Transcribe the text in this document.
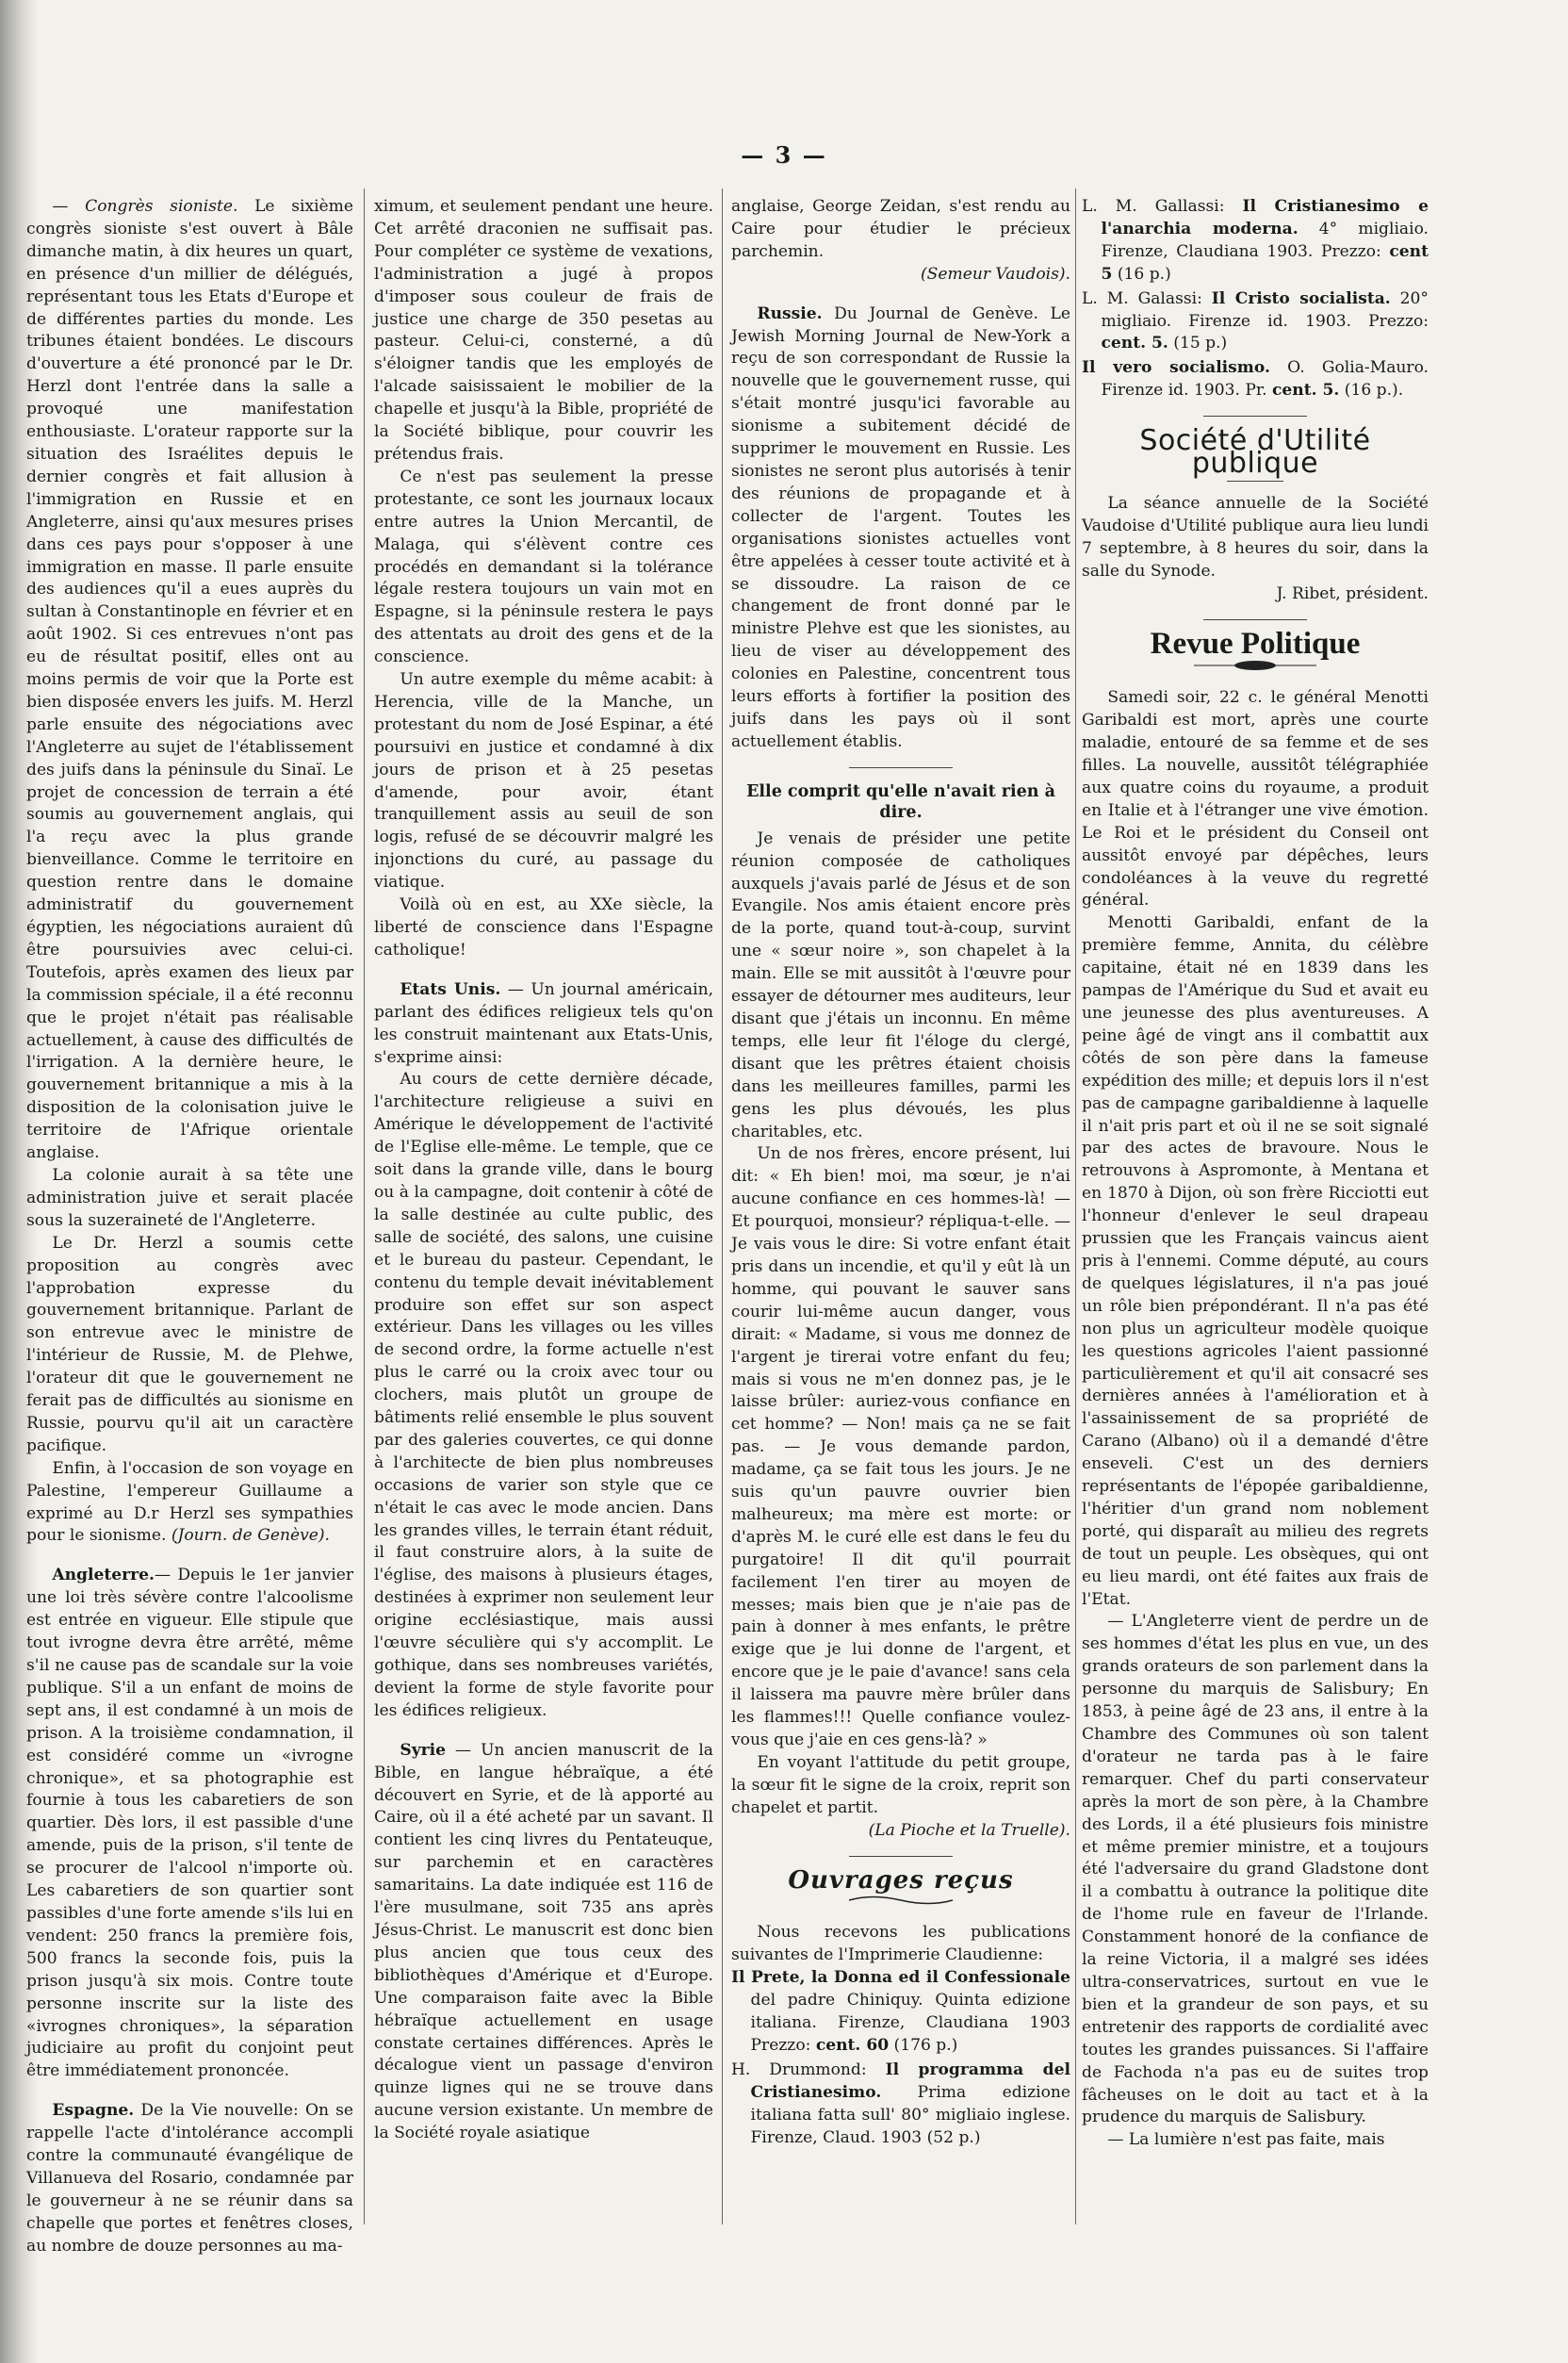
— 3 —

— Congrès sioniste. Le sixième congrès sioniste s'est ouvert à Bâle dimanche matin, à dix heures un quart, en présence d'un millier de délégués, représentant tous les Etats d'Europe et de différentes parties du monde. Les tribunes étaient bondées. Le discours d'ouverture a été prononcé par le Dr. Herzl dont l'entrée dans la salle a provoqué une manifestation enthousiaste. L'orateur rapporte sur la situation des Israélites depuis le dernier congrès et fait allusion à l'immigration en Russie et en Angleterre, ainsi qu'aux mesures prises dans ces pays pour s'opposer à une immigration en masse. Il parle ensuite des audiences qu'il a eues auprès du sultan à Constantinople en février et en août 1902. Si ces entrevues n'ont pas eu de résultat positif, elles ont au moins permis de voir que la Porte est bien disposée envers les juifs. M. Herzl parle ensuite des négociations avec l'Angleterre au sujet de l'établissement des juifs dans la péninsule du Sinaï. Le projet de concession de terrain a été soumis au gouvernement anglais, qui l'a reçu avec la plus grande bienveillance. Comme le territoire en question rentre dans le domaine administratif du gouvernement égyptien, les négociations auraient dû être poursuivies avec celui-ci. Toutefois, après examen des lieux par la commission spéciale, il a été reconnu que le projet n'était pas réalisable actuellement, à cause des difficultés de l'irrigation. A la dernière heure, le gouvernement britannique a mis à la disposition de la colonisation juive le territoire de l'Afrique orientale anglaise.

La colonie aurait à sa tête une administration juive et serait placée sous la suzeraineté de l'Angleterre.

Le Dr. Herzl a soumis cette proposition au congrès avec l'approbation expresse du gouvernement britannique. Parlant de son entrevue avec le ministre de l'intérieur de Russie, M. de Plehwe, l'orateur dit que le gouvernement ne ferait pas de difficultés au sionisme en Russie, pourvu qu'il ait un caractère pacifique.

Enfin, à l'occasion de son voyage en Palestine, l'empereur Guillaume a exprimé au D.r Herzl ses sympathies pour le sionisme. (Journ. de Genève).

Angleterre.— Depuis le 1er janvier une loi très sévère contre l'alcoolisme est entrée en vigueur. Elle stipule que tout ivrogne devra être arrêté, même s'il ne cause pas de scandale sur la voie publique. S'il a un enfant de moins de sept ans, il est condamné à un mois de prison. A la troisième condamnation, il est considéré comme un «ivrogne chronique», et sa photographie est fournie à tous les cabaretiers de son quartier. Dès lors, il est passible d'une amende, puis de la prison, s'il tente de se procurer de l'alcool n'importe où. Les cabaretiers de son quartier sont passibles d'une forte amende s'ils lui en vendent: 250 francs la première fois, 500 francs la seconde fois, puis la prison jusqu'à six mois. Contre toute personne inscrite sur la liste des «ivrognes chroniques», la séparation judiciaire au profit du conjoint peut être immédiatement prononcée.

Espagne. De la Vie nouvelle: On se rappelle l'acte d'intolérance accompli contre la communauté évangélique de Villanueva del Rosario, condamnée par le gouverneur à ne se réunir dans sa chapelle que portes et fenêtres closes, au nombre de douze personnes au ma-

ximum, et seulement pendant une heure. Cet arrêté draconien ne suffisait pas. Pour compléter ce système de vexations, l'administration a jugé à propos d'imposer sous couleur de frais de justice une charge de 350 pesetas au pasteur. Celui-ci, consterné, a dû s'éloigner tandis que les employés de l'alcade saisissaient le mobilier de la chapelle et jusqu'à la Bible, propriété de la Société biblique, pour couvrir les prétendus frais.

Ce n'est pas seulement la presse protestante, ce sont les journaux locaux entre autres la Union Mercantil, de Malaga, qui s'élèvent contre ces procédés en demandant si la tolérance légale restera toujours un vain mot en Espagne, si la péninsule restera le pays des attentats au droit des gens et de la conscience.

Un autre exemple du même acabit: à Herencia, ville de la Manche, un protestant du nom de José Espinar, a été poursuivi en justice et condamné à dix jours de prison et à 25 pesetas d'amende, pour avoir, étant tranquillement assis au seuil de son logis, refusé de se découvrir malgré les injonctions du curé, au passage du viatique.

Voilà où en est, au XXe siècle, la liberté de conscience dans l'Espagne catholique!

Etats Unis. — Un journal américain, parlant des édifices religieux tels qu'on les construit maintenant aux Etats-Unis, s'exprime ainsi:

Au cours de cette dernière décade, l'architecture religieuse a suivi en Amérique le développement de l'activité de l'Eglise elle-même. Le temple, que ce soit dans la grande ville, dans le bourg ou à la campagne, doit contenir à côté de la salle destinée au culte public, des salle de société, des salons, une cuisine et le bureau du pasteur. Cependant, le contenu du temple devait inévitablement produire son effet sur son aspect extérieur. Dans les villages ou les villes de second ordre, la forme actuelle n'est plus le carré ou la croix avec tour ou clochers, mais plutôt un groupe de bâtiments relié ensemble le plus souvent par des galeries couvertes, ce qui donne à l'architecte de bien plus nombreuses occasions de varier son style que ce n'était le cas avec le mode ancien. Dans les grandes villes, le terrain étant réduit, il faut construire alors, à la suite de l'église, des maisons à plusieurs étages, destinées à exprimer non seulement leur origine ecclésiastique, mais aussi l'œuvre séculière qui s'y accomplit. Le gothique, dans ses nombreuses variétés, devient la forme de style favorite pour les édifices religieux.

Syrie — Un ancien manuscrit de la Bible, en langue hébraïque, a été découvert en Syrie, et de là apporté au Caire, où il a été acheté par un savant. Il contient les cinq livres du Pentateuque, sur parchemin et en caractères samaritains. La date indiquée est 116 de l'ère musulmane, soit 735 ans après Jésus-Christ. Le manuscrit est donc bien plus ancien que tous ceux des bibliothèques d'Amérique et d'Europe. Une comparaison faite avec la Bible hébraïque actuellement en usage constate certaines différences. Après le décalogue vient un passage d'environ quinze lignes qui ne se trouve dans aucune version existante. Un membre de la Société royale asiatique

anglaise, George Zeidan, s'est rendu au Caire pour étudier le précieux parchemin.

(Semeur Vaudois).

Russie. Du Journal de Genève. Le Jewish Morning Journal de New-York a reçu de son correspondant de Russie la nouvelle que le gouvernement russe, qui s'était montré jusqu'ici favorable au sionisme a subitement décidé de supprimer le mouvement en Russie. Les sionistes ne seront plus autorisés à tenir des réunions de propagande et à collecter de l'argent. Toutes les organisations sionistes actuelles vont être appelées à cesser toute activité et à se dissoudre. La raison de ce changement de front donné par le ministre Plehve est que les sionistes, au lieu de viser au développement des colonies en Palestine, concentrent tous leurs efforts à fortifier la position des juifs dans les pays où il sont actuellement établis.

Elle comprit qu'elle n'avait rien à dire.

Je venais de présider une petite réunion composée de catholiques auxquels j'avais parlé de Jésus et de son Evangile. Nos amis étaient encore près de la porte, quand tout-à-coup, survint une « sœur noire », son chapelet à la main. Elle se mit aussitôt à l'œuvre pour essayer de détourner mes auditeurs, leur disant que j'étais un inconnu. En même temps, elle leur fit l'éloge du clergé, disant que les prêtres étaient choisis dans les meilleures familles, parmi les gens les plus dévoués, les plus charitables, etc.

Un de nos frères, encore présent, lui dit: « Eh bien! moi, ma sœur, je n'ai aucune confiance en ces hommes-là! — Et pourquoi, monsieur? répliqua-t-elle. — Je vais vous le dire: Si votre enfant était pris dans un incendie, et qu'il y eût là un homme, qui pouvant le sauver sans courir lui-même aucun danger, vous dirait: « Madame, si vous me donnez de l'argent je tirerai votre enfant du feu; mais si vous ne m'en donnez pas, je le laisse brûler: auriez-vous confiance en cet homme? — Non! mais ça ne se fait pas. — Je vous demande pardon, madame, ça se fait tous les jours. Je ne suis qu'un pauvre ouvrier bien malheureux; ma mère est morte: or d'après M. le curé elle est dans le feu du purgatoire! Il dit qu'il pourrait facilement l'en tirer au moyen de messes; mais bien que je n'aie pas de pain à donner à mes enfants, le prêtre exige que je lui donne de l'argent, et encore que je le paie d'avance! sans cela il laissera ma pauvre mère brûler dans les flammes!!! Quelle confiance voulez-vous que j'aie en ces gens-là? »

En voyant l'attitude du petit groupe, la sœur fit le signe de la croix, reprit son chapelet et partit.

(La Pioche et la Truelle).

Ouvrages reçus

Nous recevons les publications suivantes de l'Imprimerie Claudienne:

Il Prete, la Donna ed il Confessionale del padre Chiniquy. Quinta edizione italiana. Firenze, Claudiana 1903 Prezzo: cent. 60 (176 p.)

H. Drummond: Il programma del Cristianesimo. Prima edizione italiana fatta sull' 80° migliaio inglese. Firenze, Claud. 1903 (52 p.)

L. M. Gallassi: Il Cristianesimo e l'anarchia moderna. 4° migliaio. Firenze, Claudiana 1903. Prezzo: cent 5 (16 p.)

L. M. Galassi: Il Cristo socialista. 20° migliaio. Firenze id. 1903. Prezzo: cent. 5. (15 p.)

Il vero socialismo. O. Golia-Mauro. Firenze id. 1903. Pr. cent. 5. (16 p.).

Société d'Utilité publique

La séance annuelle de la Société Vaudoise d'Utilité publique aura lieu lundi 7 septembre, à 8 heures du soir, dans la salle du Synode.

J. Ribet, président.

Revue Politique

Samedi soir, 22 c. le général Menotti Garibaldi est mort, après une courte maladie, entouré de sa femme et de ses filles. La nouvelle, aussitôt télégraphiée aux quatre coins du royaume, a produit en Italie et à l'étranger une vive émotion. Le Roi et le président du Conseil ont aussitôt envoyé par dépêches, leurs condoléances à la veuve du regretté général.

Menotti Garibaldi, enfant de la première femme, Annita, du célèbre capitaine, était né en 1839 dans les pampas de l'Amérique du Sud et avait eu une jeunesse des plus aventureuses. A peine âgé de vingt ans il combattit aux côtés de son père dans la fameuse expédition des mille; et depuis lors il n'est pas de campagne garibaldienne à laquelle il n'ait pris part et où il ne se soit signalé par des actes de bravoure. Nous le retrouvons à Aspromonte, à Mentana et en 1870 à Dijon, où son frère Ricciotti eut l'honneur d'enlever le seul drapeau prussien que les Français vaincus aient pris à l'ennemi. Comme député, au cours de quelques législatures, il n'a pas joué un rôle bien prépondérant. Il n'a pas été non plus un agriculteur modèle quoique les questions agricoles l'aient passionné particulièrement et qu'il ait consacré ses dernières années à l'amélioration et à l'assainissement de sa propriété de Carano (Albano) où il a demandé d'être enseveli. C'est un des derniers représentants de l'épopée garibaldienne, l'héritier d'un grand nom noblement porté, qui disparaît au milieu des regrets de tout un peuple. Les obsèques, qui ont eu lieu mardi, ont été faites aux frais de l'Etat.

— L'Angleterre vient de perdre un de ses hommes d'état les plus en vue, un des grands orateurs de son parlement dans la personne du marquis de Salisbury; En 1853, à peine âgé de 23 ans, il entre à la Chambre des Communes où son talent d'orateur ne tarda pas à le faire remarquer. Chef du parti conservateur après la mort de son père, à la Chambre des Lords, il a été plusieurs fois ministre et même premier ministre, et a toujours été l'adversaire du grand Gladstone dont il a combattu à outrance la politique dite de l'home rule en faveur de l'Irlande. Constamment honoré de la confiance de la reine Victoria, il a malgré ses idées ultra-conservatrices, surtout en vue le bien et la grandeur de son pays, et su entretenir des rapports de cordialité avec toutes les grandes puissances. Si l'affaire de Fachoda n'a pas eu de suites trop fâcheuses on le doit au tact et à la prudence du marquis de Salisbury.

— La lumière n'est pas faite, mais
